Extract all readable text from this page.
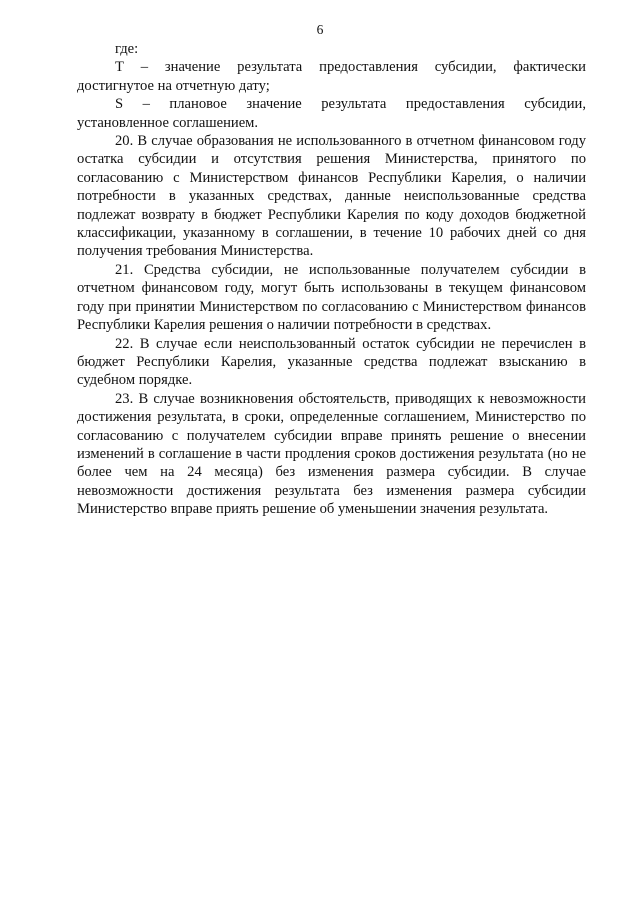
6

где:

Т – значение результата предоставления субсидии, фактически достигнутое на отчетную дату;

S – плановое значение результата предоставления субсидии, установленное соглашением.

20. В случае образования не использованного в отчетном финансовом году остатка субсидии и отсутствия решения Министерства, принятого по согласованию с Министерством финансов Республики Карелия, о наличии потребности в указанных средствах, данные неиспользованные средства подлежат возврату в бюджет Республики Карелия по коду доходов бюджетной классификации, указанному в соглашении, в течение 10 рабочих дней со дня получения требования Министерства.

21. Средства субсидии, не использованные получателем субсидии в отчетном финансовом году, могут быть использованы в текущем финансовом году при принятии Министерством по согласованию с Министерством финансов Республики Карелия решения о наличии потребности в средствах.

22. В случае если неиспользованный остаток субсидии не перечислен в бюджет Республики Карелия, указанные средства подлежат взысканию в судебном порядке.

23. В случае возникновения обстоятельств, приводящих к невозможности достижения результата, в сроки, определенные соглашением, Министерство по согласованию с получателем субсидии вправе принять решение о внесении изменений в соглашение в части продления сроков достижения результата (но не более чем на 24 месяца) без изменения размера субсидии. В случае невозможности достижения результата без изменения размера субсидии Министерство вправе приять решение об уменьшении значения результата.
